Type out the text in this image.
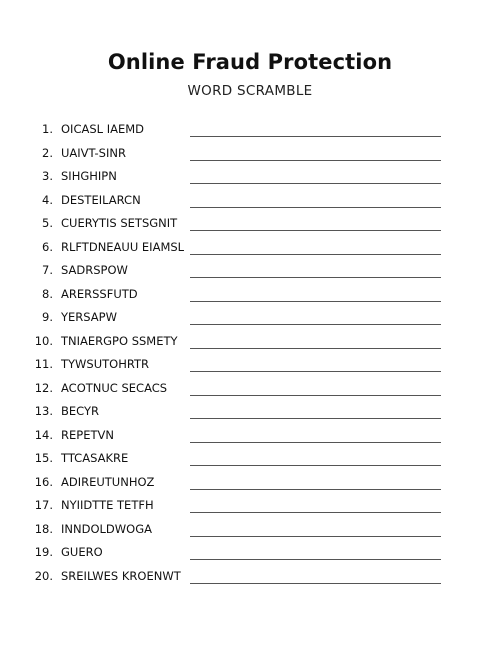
Online Fraud Protection
WORD SCRAMBLE
1. OICASL IAEMD
2. UAIVT-SINR
3. SIHGHIPN
4. DESTEILARCN
5. CUERYTIS SETSGNIT
6. RLFTDNEAUU EIAMSL
7. SADRSPOW
8. ARERSSFUTD
9. YERSAPW
10. TNIAERGPO SSMETY
11. TYWSUTOHRTR
12. ACOTNUC SECACS
13. BECYR
14. REPETVN
15. TTCASAKRE
16. ADIREUTUNHOZ
17. NYIIDTTE TETFH
18. INNDOLDWOGA
19. GUERO
20. SREILWES KROENWT
